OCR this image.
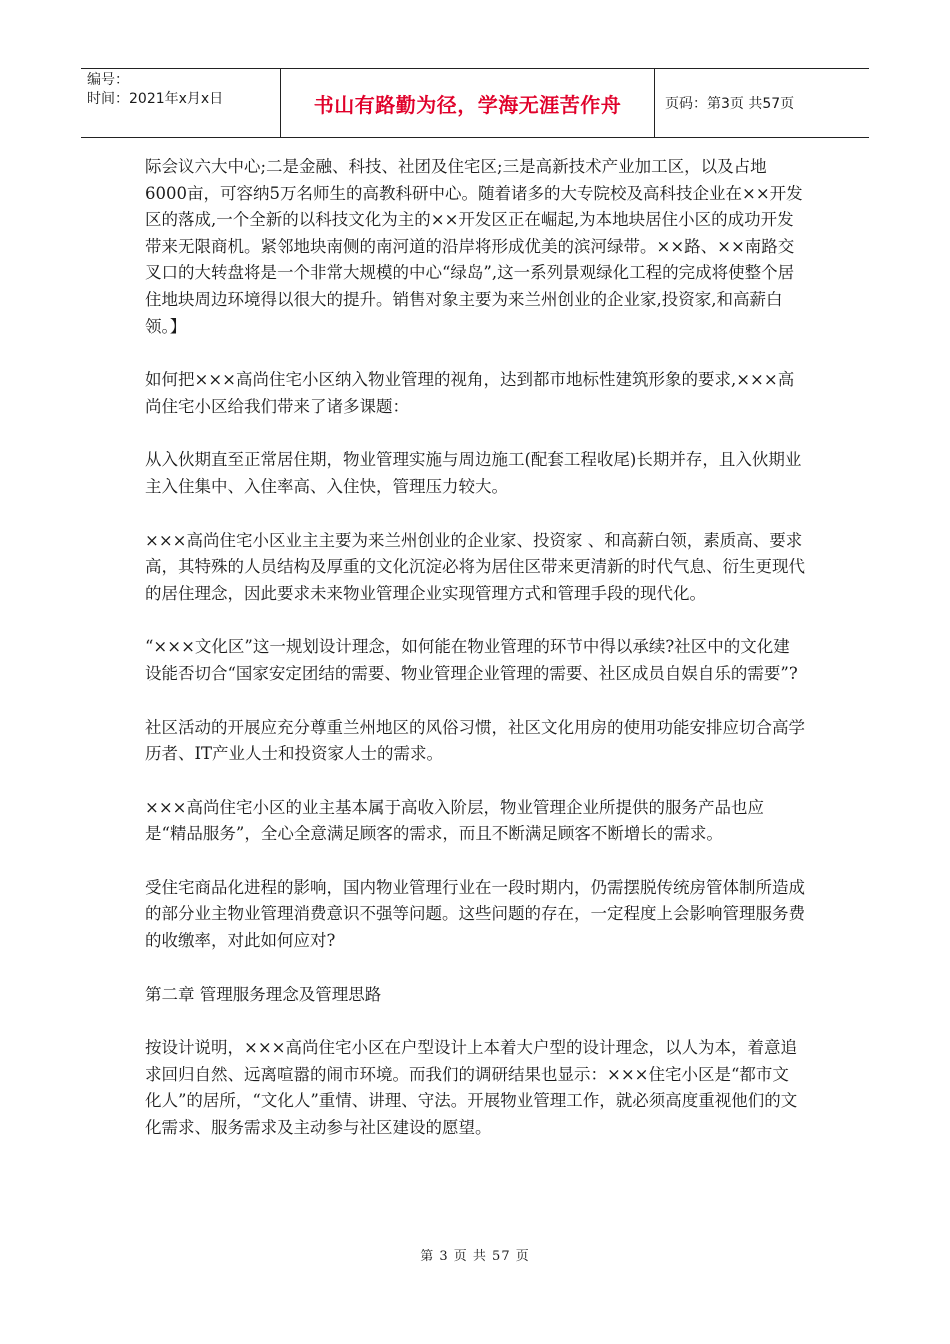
编号：
时间：2021年x月x日	书山有路勤为径，学海无涯苦作舟	页码：第3页 共57页

际会议六大中心;二是金融、科技、社团及住宅区;三是高新技术产业加工区，以及占地6000亩，可容纳5万名师生的高教科研中心。随着诸多的大专院校及高科技企业在××开发区的落成,一个全新的以科技文化为主的××开发区正在崛起,为本地块居住小区的成功开发带来无限商机。紧邻地块南侧的南河道的沿岸将形成优美的滨河绿带。××路、××南路交叉口的大转盘将是一个非常大规模的中心“绿岛”,这一系列景观绿化工程的完成将使整个居住地块周边环境得以很大的提升。销售对象主要为来兰州创业的企业家,投资家,和高薪白领。】

如何把×××高尚住宅小区纳入物业管理的视角，达到都市地标性建筑形象的要求,×××高尚住宅小区给我们带来了诸多课题：

从入伙期直至正常居住期，物业管理实施与周边施工(配套工程收尾)长期并存，且入伙期业主入住集中、入住率高、入住快，管理压力较大。

×××高尚住宅小区业主主要为来兰州创业的企业家、投资家 、和高薪白领，素质高、要求高，其特殊的人员结构及厚重的文化沉淀必将为居住区带来更清新的时代气息、衍生更现代的居住理念，因此要求未来物业管理企业实现管理方式和管理手段的现代化。

“×××文化区”这一规划设计理念，如何能在物业管理的环节中得以承续?社区中的文化建设能否切合“国家安定团结的需要、物业管理企业管理的需要、社区成员自娱自乐的需要”?

社区活动的开展应充分尊重兰州地区的风俗习惯，社区文化用房的使用功能安排应切合高学历者、IT产业人士和投资家人士的需求。

×××高尚住宅小区的业主基本属于高收入阶层，物业管理企业所提供的服务产品也应是“精品服务”，全心全意满足顾客的需求，而且不断满足顾客不断增长的需求。

受住宅商品化进程的影响，国内物业管理行业在一段时期内，仍需摆脱传统房管体制所造成的部分业主物业管理消费意识不强等问题。这些问题的存在，一定程度上会影响管理服务费的收缴率，对此如何应对?

第二章 管理服务理念及管理思路

按设计说明，×××高尚住宅小区在户型设计上本着大户型的设计理念，以人为本，着意追求回归自然、远离喧嚣的闹市环境。而我们的调研结果也显示：×××住宅小区是“都市文化人”的居所，“文化人”重情、讲理、守法。开展物业管理工作，就必须高度重视他们的文化需求、服务需求及主动参与社区建设的愿望。

第 3 页 共 57 页
